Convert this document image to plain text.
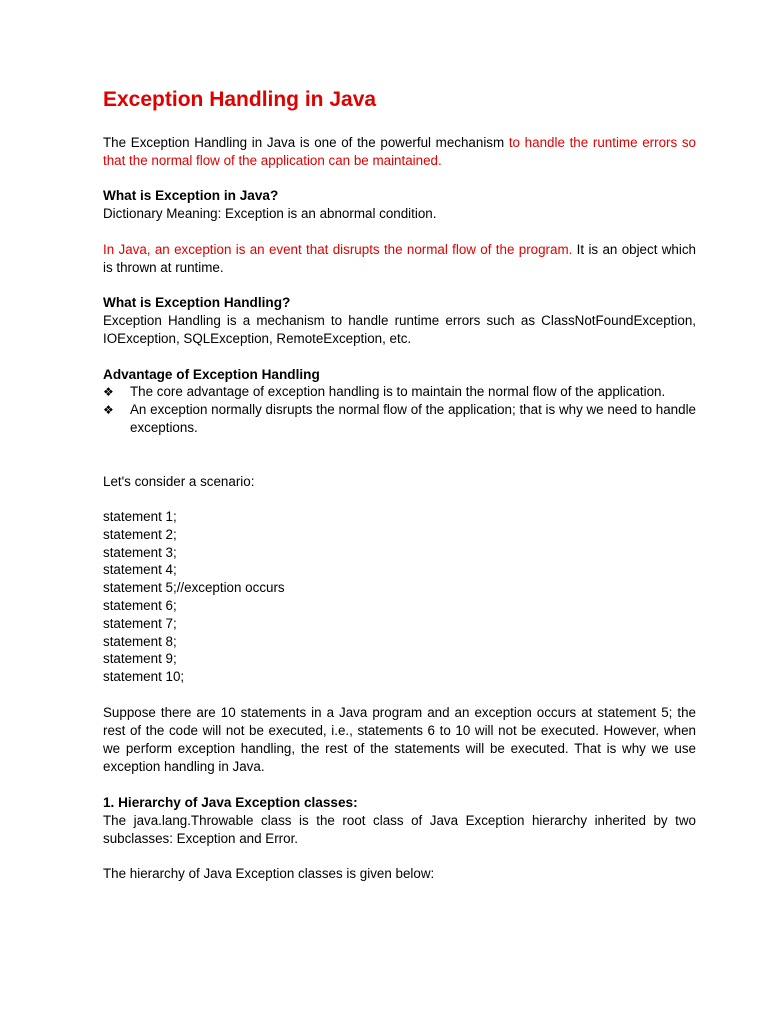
Exception Handling in Java

The Exception Handling in Java is one of the powerful mechanism to handle the runtime errors so that the normal flow of the application can be maintained.

What is Exception in Java?

Dictionary Meaning: Exception is an abnormal condition.

In Java, an exception is an event that disrupts the normal flow of the program. It is an object which is thrown at runtime.

What is Exception Handling?

Exception Handling is a mechanism to handle runtime errors such as ClassNotFoundException, IOException, SQLException, RemoteException, etc.

Advantage of Exception Handling
❖ The core advantage of exception handling is to maintain the normal flow of the application.
❖ An exception normally disrupts the normal flow of the application; that is why we need to handle exceptions.

Let's consider a scenario:

statement 1;
statement 2;
statement 3;
statement 4;
statement 5;//exception occurs
statement 6;
statement 7;
statement 8;
statement 9;
statement 10;

Suppose there are 10 statements in a Java program and an exception occurs at statement 5; the rest of the code will not be executed, i.e., statements 6 to 10 will not be executed. However, when we perform exception handling, the rest of the statements will be executed. That is why we use exception handling in Java.

1. Hierarchy of Java Exception classes:

The java.lang.Throwable class is the root class of Java Exception hierarchy inherited by two subclasses: Exception and Error.

The hierarchy of Java Exception classes is given below:
